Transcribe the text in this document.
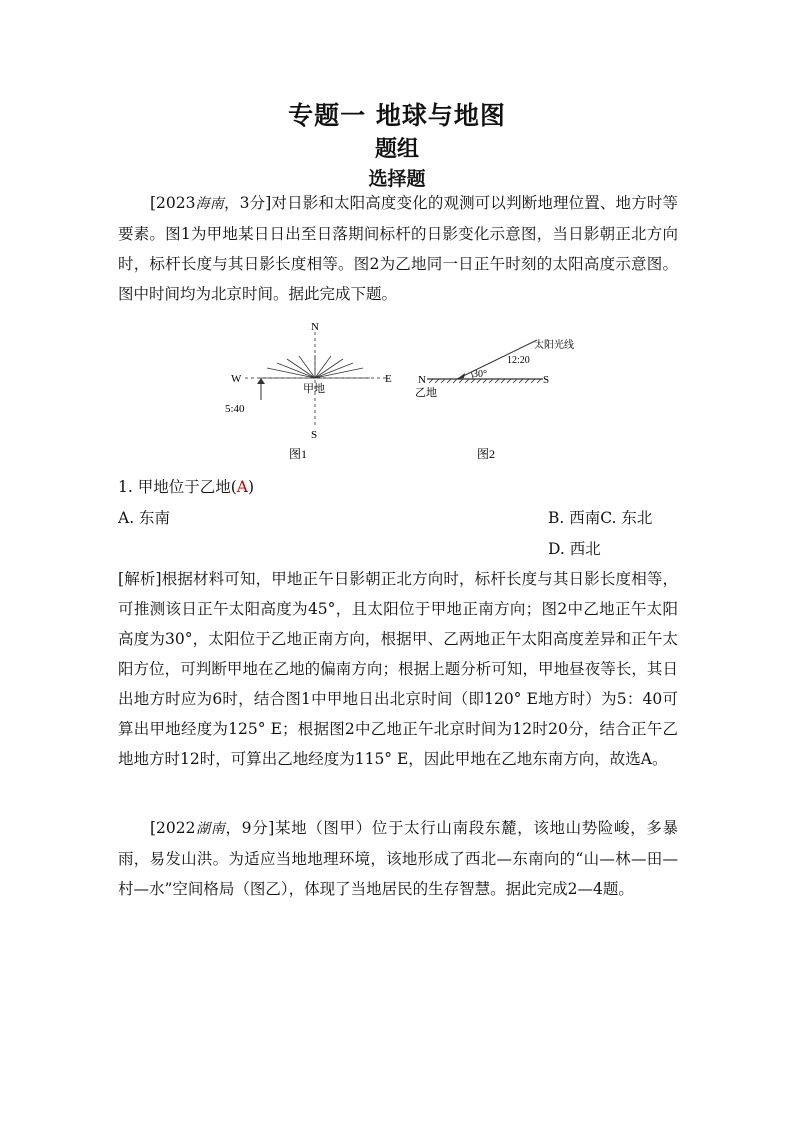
专题一 地球与地图
题组
选择题
[2023海南，3分]对日影和太阳高度变化的观测可以判断地理位置、地方时等要素。图1为甲地某日日出至日落期间标杆的日影变化示意图，当日影朝正北方向时，标杆长度与其日影长度相等。图2为乙地同一日正午时刻的太阳高度示意图。图中时间均为北京时间。据此完成下题。
N
S
W	E
甲地
5:40
图1
太阳光线
12:20
30°
N	S
乙地
图2
1. 甲地位于乙地(A)
A. 东南	B. 西南C. 东北
D. 西北
[解析]根据材料可知，甲地正午日影朝正北方向时，标杆长度与其日影长度相等，可推测该日正午太阳高度为45°，且太阳位于甲地正南方向；图2中乙地正午太阳高度为30°，太阳位于乙地正南方向，根据甲、乙两地正午太阳高度差异和正午太阳方位，可判断甲地在乙地的偏南方向；根据上题分析可知，甲地昼夜等长，其日出地方时应为6时，结合图1中甲地日出北京时间（即120° E地方时）为5：40可算出甲地经度为125° E；根据图2中乙地正午北京时间为12时20分，结合正午乙地地方时12时，可算出乙地经度为115° E，因此甲地在乙地东南方向，故选A。
[2022湖南，9分]某地（图甲）位于太行山南段东麓，该地山势险峻，多暴雨，易发山洪。为适应当地地理环境，该地形成了西北—东南向的“山—林—田—村—水”空间格局（图乙），体现了当地居民的生存智慧。据此完成2—4题。
